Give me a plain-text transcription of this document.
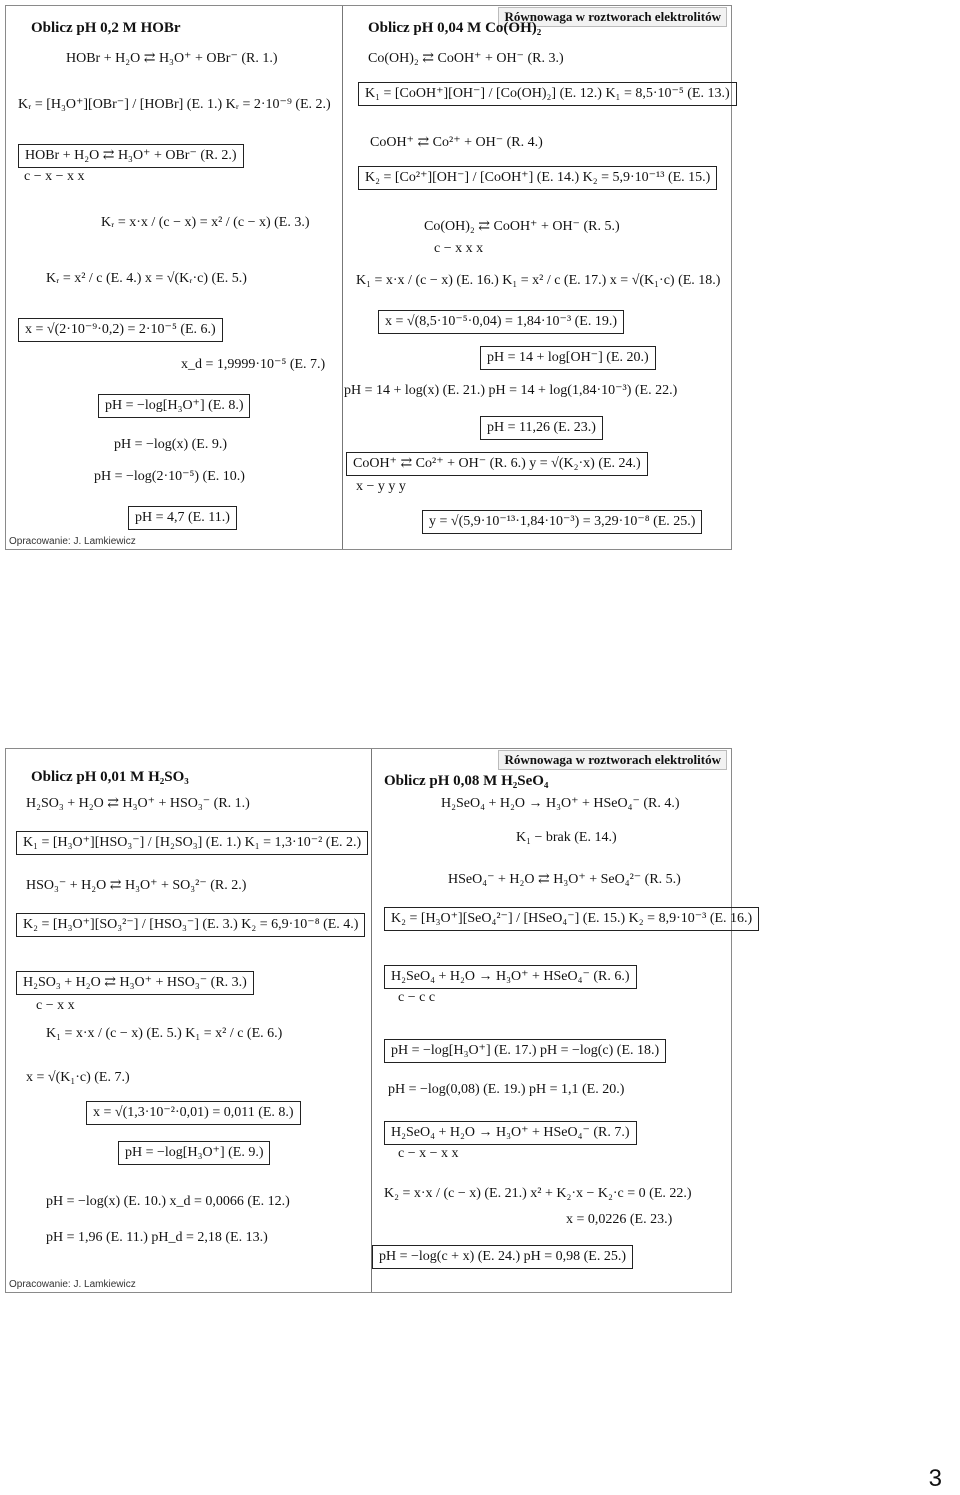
Równowaga w roztworach elektrolitów
Oblicz pH 0,2 M HOBr	Oblicz pH 0,04 M Co(OH)₂
HOBr + H₂O ⇄ H₃O⁺ + OBr⁻ (R. 1.)
Kᵣ = [H₃O⁺][OBr⁻] / [HOBr] (E. 1.) Kᵣ = 2·10⁻⁹ (E. 2.)
HOBr + H₂O ⇄ H₃O⁺ + OBr⁻ (R. 2.)
c − x − x x
Kᵣ = x·x / (c − x) = x² / (c − x) (E. 3.)
Kᵣ = x² / c (E. 4.) x = √(Kᵣ·c) (E. 5.)
x = √(2·10⁻⁹·0,2) = 2·10⁻⁵ (E. 6.)
x_d = 1,9999·10⁻⁵ (E. 7.)
pH = −log[H₃O⁺] (E. 8.)
pH = −log(x) (E. 9.)
pH = −log(2·10⁻⁵) (E. 10.)
pH = 4,7 (E. 11.)
Co(OH)₂ ⇄ CoOH⁺ + OH⁻ (R. 3.)
K₁ = [CoOH⁺][OH⁻] / [Co(OH)₂] (E. 12.) K₁ = 8,5·10⁻⁵ (E. 13.)
CoOH⁺ ⇄ Co²⁺ + OH⁻ (R. 4.)
K₂ = [Co²⁺][OH⁻] / [CoOH⁺] (E. 14.) K₂ = 5,9·10⁻¹³ (E. 15.)
Co(OH)₂ ⇄ CoOH⁺ + OH⁻ (R. 5.)
c − x x x
K₁ = x·x / (c − x) (E. 16.) K₁ = x² / c (E. 17.) x = √(K₁·c) (E. 18.)
x = √(8,5·10⁻⁵·0,04) = 1,84·10⁻³ (E. 19.)
pH = 14 + log[OH⁻] (E. 20.)
pH = 14 + log(x) (E. 21.) pH = 14 + log(1,84·10⁻³) (E. 22.)
pH = 11,26 (E. 23.)
CoOH⁺ ⇄ Co²⁺ + OH⁻ (R. 6.) y = √(K₂·x) (E. 24.)
x − y y y
y = √(5,9·10⁻¹³·1,84·10⁻³) = 3,29·10⁻⁸ (E. 25.)
Opracowanie: J. Lamkiewicz
Równowaga w roztworach elektrolitów
Oblicz pH 0,01 M H₂SO₃	Oblicz pH 0,08 M H₂SeO₄
H₂SO₃ + H₂O ⇄ H₃O⁺ + HSO₃⁻ (R. 1.)
K₁ = [H₃O⁺][HSO₃⁻] / [H₂SO₃] (E. 1.) K₁ = 1,3·10⁻² (E. 2.)
HSO₃⁻ + H₂O ⇄ H₃O⁺ + SO₃²⁻ (R. 2.)
K₂ = [H₃O⁺][SO₃²⁻] / [HSO₃⁻] (E. 3.) K₂ = 6,9·10⁻⁸ (E. 4.)
H₂SO₃ + H₂O ⇄ H₃O⁺ + HSO₃⁻ (R. 3.)
c − x x
K₁ = x·x / (c − x) (E. 5.) K₁ = x² / c (E. 6.)
x = √(K₁·c) (E. 7.)
x = √(1,3·10⁻²·0,01) = 0,011 (E. 8.)
pH = −log[H₃O⁺] (E. 9.)
pH = −log(x) (E. 10.) x_d = 0,0066 (E. 12.)
pH = 1,96 (E. 11.) pH_d = 2,18 (E. 13.)
H₂SeO₄ + H₂O → H₃O⁺ + HSeO₄⁻ (R. 4.)
K₁ − brak (E. 14.)
HSeO₄⁻ + H₂O ⇄ H₃O⁺ + SeO₄²⁻ (R. 5.)
K₂ = [H₃O⁺][SeO₄²⁻] / [HSeO₄⁻] (E. 15.) K₂ = 8,9·10⁻³ (E. 16.)
H₂SeO₄ + H₂O → H₃O⁺ + HSeO₄⁻ (R. 6.)
c − c c
pH = −log[H₃O⁺] (E. 17.) pH = −log(c) (E. 18.)
pH = −log(0,08) (E. 19.) pH = 1,1 (E. 20.)
H₂SeO₄ + H₂O → H₃O⁺ + HSeO₄⁻ (R. 7.)
c − x − x x
K₂ = x·x / (c − x) (E. 21.) x² + K₂·x − K₂·c = 0 (E. 22.)
x = 0,0226 (E. 23.)
pH = −log(c + x) (E. 24.) pH = 0,98 (E. 25.)
Opracowanie: J. Lamkiewicz
3
